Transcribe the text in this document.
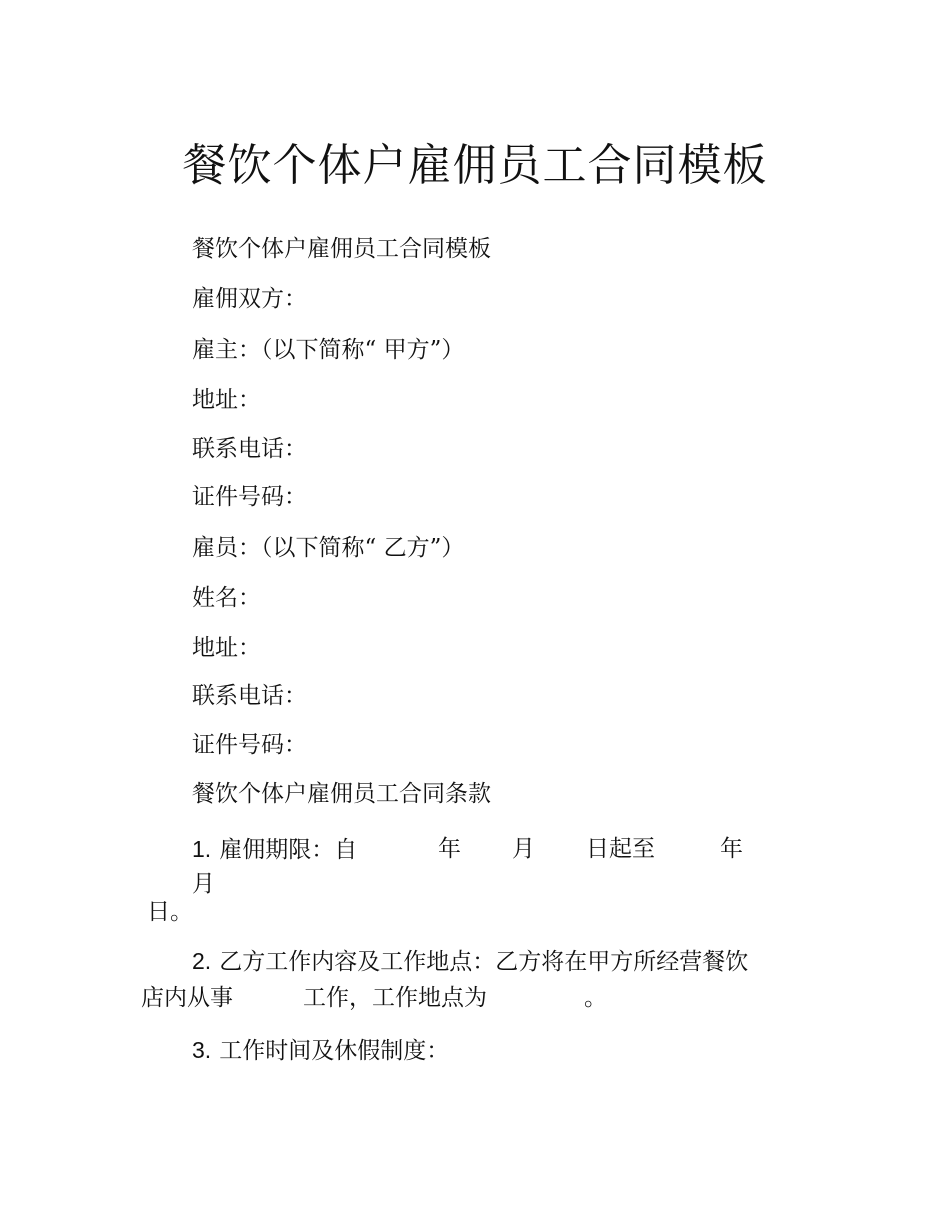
餐饮个体户雇佣员工合同模板
餐饮个体户雇佣员工合同模板
雇佣双方：
雇主：（以下简称“ 甲方”）
地址：
联系电话：
证件号码：
雇员：（以下简称“ 乙方”）
姓名：
地址：
联系电话：
证件号码：
餐饮个体户雇佣员工合同条款
1. 雇佣期限：自	年 月 日起至	年
月
日。
2. 乙方工作内容及工作地点：乙方将在甲方所经营餐饮
店内从事	工作，工作地点为	。
3. 工作时间及休假制度：
